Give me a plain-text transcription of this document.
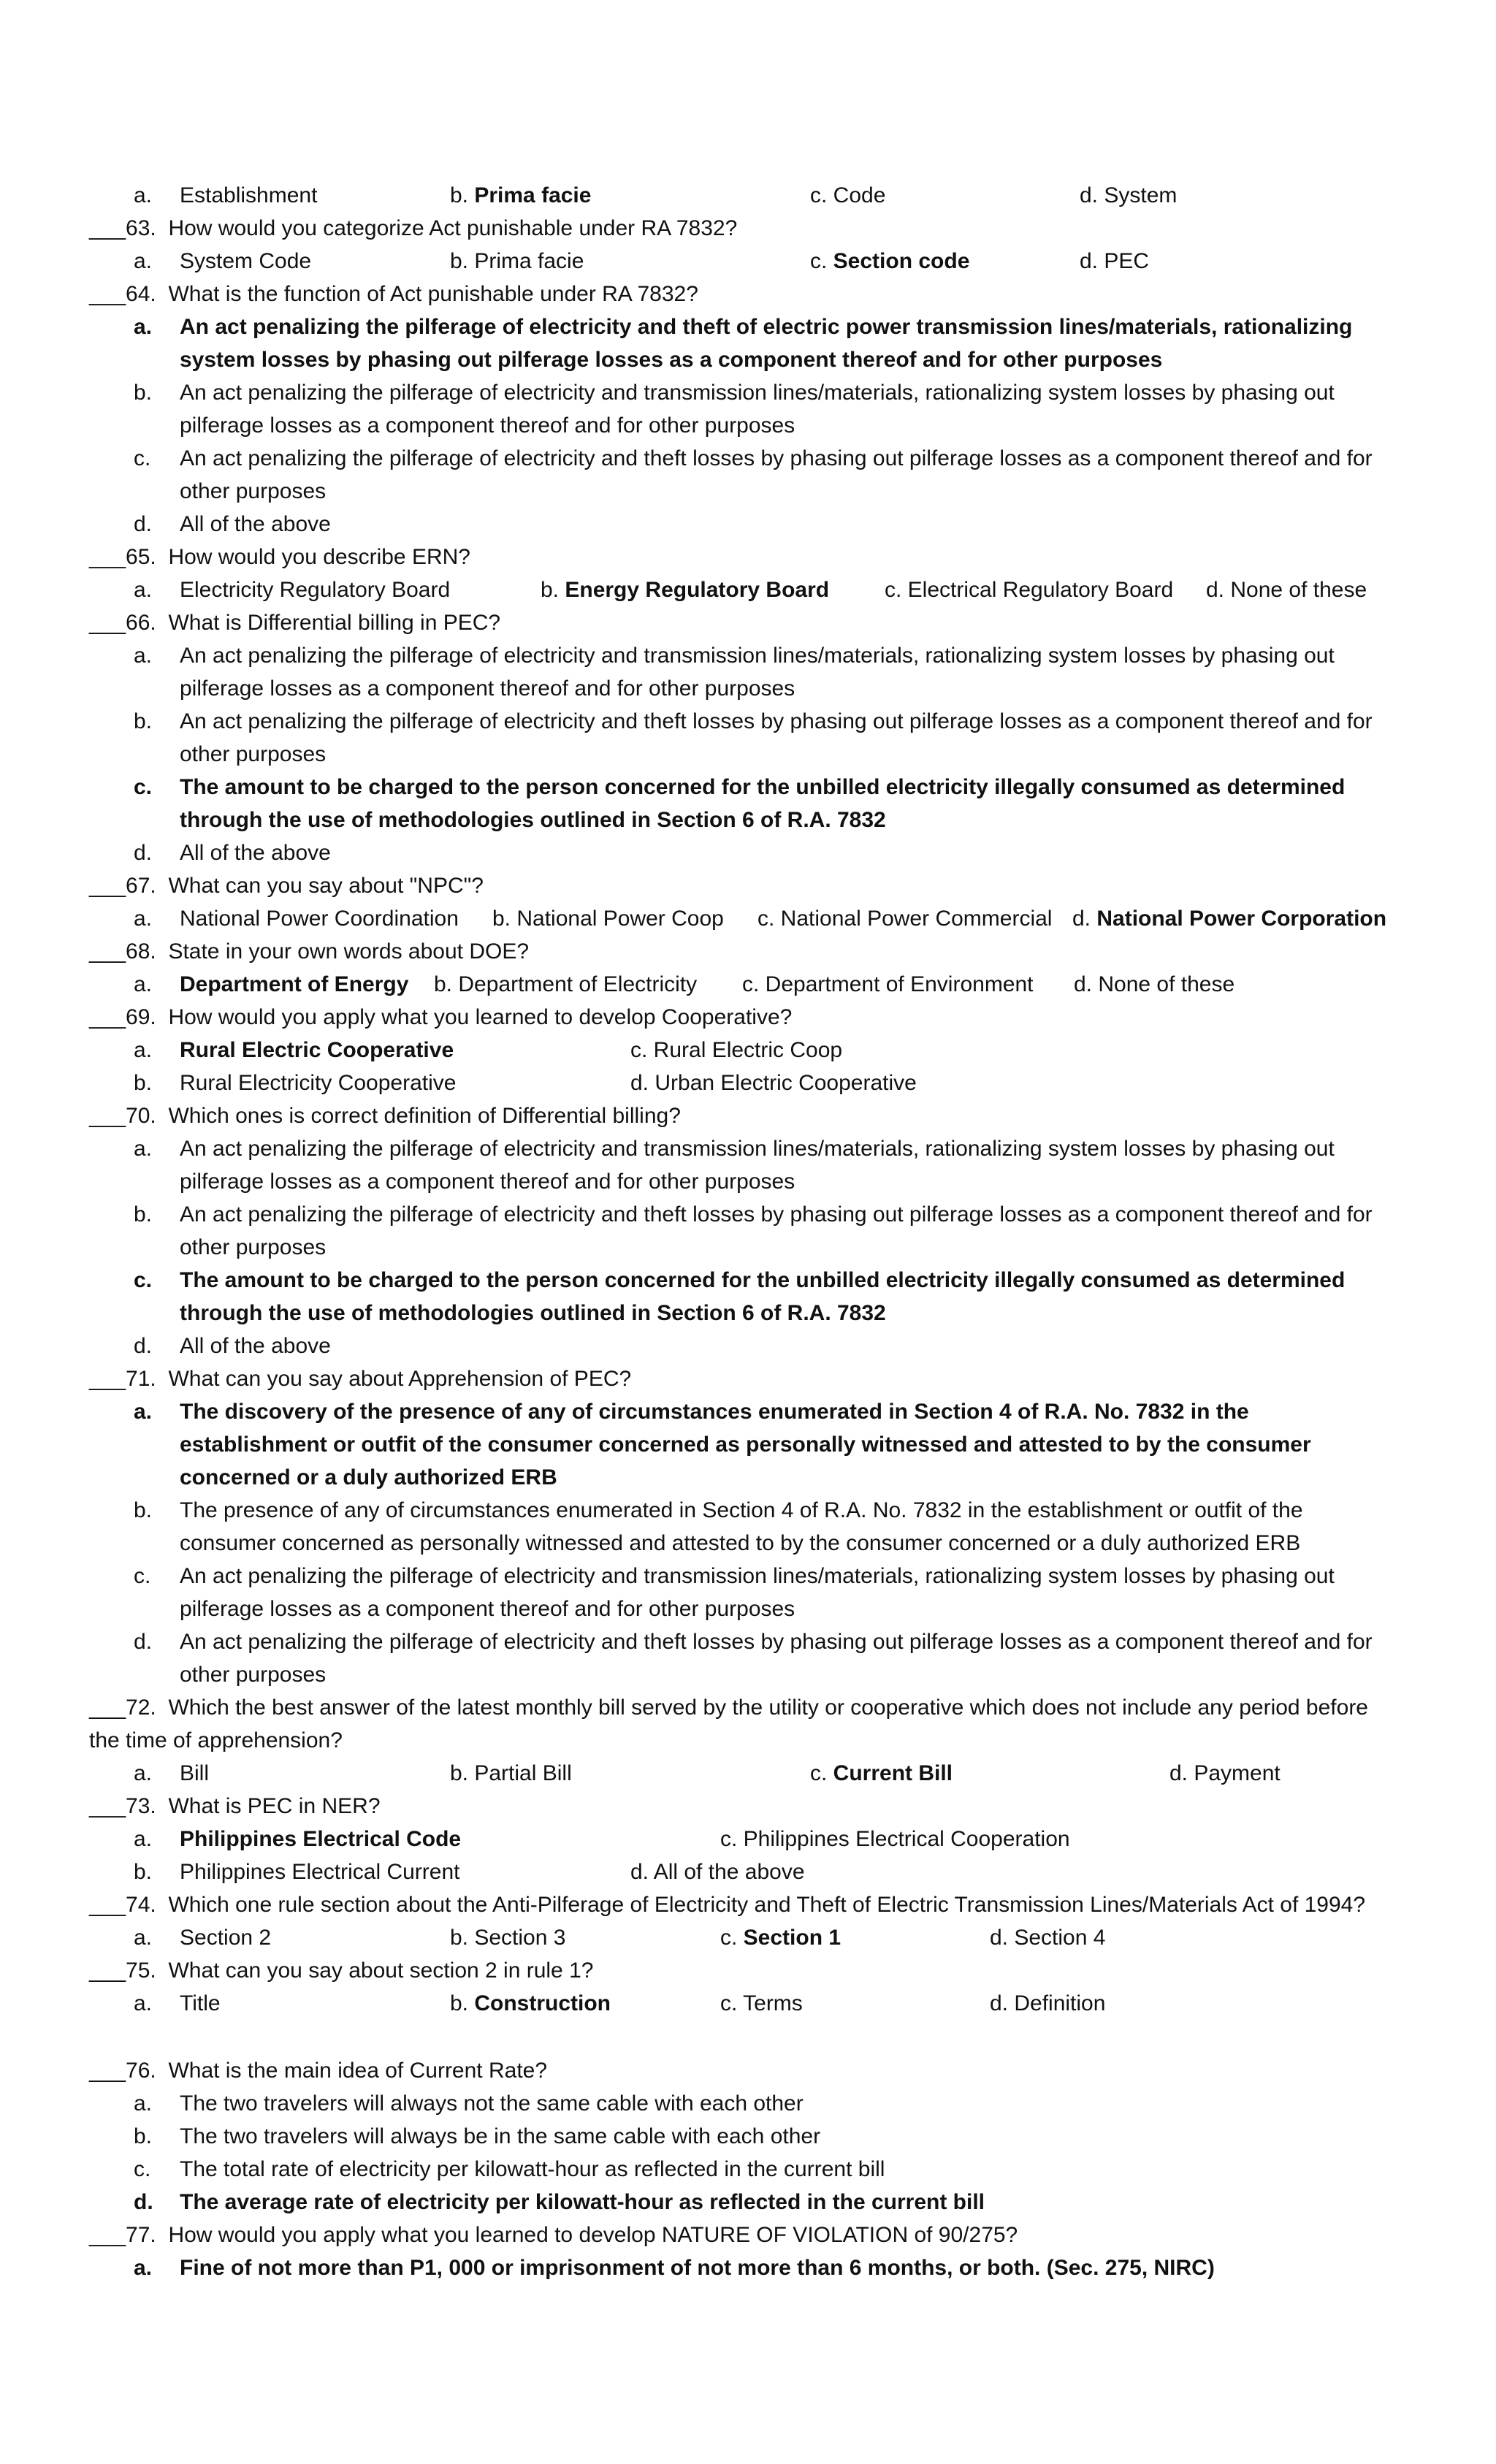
a. Establishment	b. Prima facie	c. Code	d. System
___63. How would you categorize Act punishable under RA 7832?
a. System Code	b. Prima facie	c. Section code	d. PEC
___64. What is the function of Act punishable under RA 7832?
a. An act penalizing the pilferage of electricity and theft of electric power transmission lines/materials, rationalizing system losses by phasing out pilferage losses as a component thereof and for other purposes
b. An act penalizing the pilferage of electricity and transmission lines/materials, rationalizing system losses by phasing out pilferage losses as a component thereof and for other purposes
c. An act penalizing the pilferage of electricity and theft losses by phasing out pilferage losses as a component thereof and for other purposes
d. All of the above
___65. How would you describe ERN?
a. Electricity Regulatory Board	b. Energy Regulatory Board	c. Electrical Regulatory Board d. None of these
___66. What is Differential billing in PEC?
a. An act penalizing the pilferage of electricity and transmission lines/materials, rationalizing system losses by phasing out pilferage losses as a component thereof and for other purposes
b. An act penalizing the pilferage of electricity and theft losses by phasing out pilferage losses as a component thereof and for other purposes
c. The amount to be charged to the person concerned for the unbilled electricity illegally consumed as determined through the use of methodologies outlined in Section 6 of R.A. 7832
d. All of the above
___67. What can you say about "NPC"?
a. National Power Coordination b. National Power Coop c. National Power Commercial d. National Power Corporation
___68. State in your own words about DOE?
a. Department of Energy b. Department of Electricity c. Department of Environment d. None of these
___69. How would you apply what you learned to develop Cooperative?
a. Rural Electric Cooperative	c. Rural Electric Coop
b. Rural Electricity Cooperative	d. Urban Electric Cooperative
___70. Which ones is correct definition of Differential billing?
a. An act penalizing the pilferage of electricity and transmission lines/materials, rationalizing system losses by phasing out pilferage losses as a component thereof and for other purposes
b. An act penalizing the pilferage of electricity and theft losses by phasing out pilferage losses as a component thereof and for other purposes
c. The amount to be charged to the person concerned for the unbilled electricity illegally consumed as determined through the use of methodologies outlined in Section 6 of R.A. 7832
d. All of the above
___71. What can you say about Apprehension of PEC?
a. The discovery of the presence of any of circumstances enumerated in Section 4 of R.A. No. 7832 in the establishment or outfit of the consumer concerned as personally witnessed and attested to by the consumer concerned or a duly authorized ERB
b. The presence of any of circumstances enumerated in Section 4 of R.A. No. 7832 in the establishment or outfit of the consumer concerned as personally witnessed and attested to by the consumer concerned or a duly authorized ERB
c. An act penalizing the pilferage of electricity and transmission lines/materials, rationalizing system losses by phasing out pilferage losses as a component thereof and for other purposes
d. An act penalizing the pilferage of electricity and theft losses by phasing out pilferage losses as a component thereof and for other purposes
___72. Which the best answer of the latest monthly bill served by the utility or cooperative which does not include any period before the time of apprehension?
a. Bill	b. Partial Bill	c. Current Bill	d. Payment
___73. What is PEC in NER?
a. Philippines Electrical Code	c. Philippines Electrical Cooperation
b. Philippines Electrical Current	d. All of the above
___74. Which one rule section about the Anti-Pilferage of Electricity and Theft of Electric Transmission Lines/Materials Act of 1994?
a. Section 2	b. Section 3	c. Section 1	d. Section 4
___75. What can you say about section 2 in rule 1?
a. Title	b. Construction	c. Terms	d. Definition
___76. What is the main idea of Current Rate?
a. The two travelers will always not the same cable with each other
b. The two travelers will always be in the same cable with each other
c. The total rate of electricity per kilowatt-hour as reflected in the current bill
d. The average rate of electricity per kilowatt-hour as reflected in the current bill
___77. How would you apply what you learned to develop NATURE OF VIOLATION of 90/275?
a. Fine of not more than P1, 000 or imprisonment of not more than 6 months, or both. (Sec. 275, NIRC)
